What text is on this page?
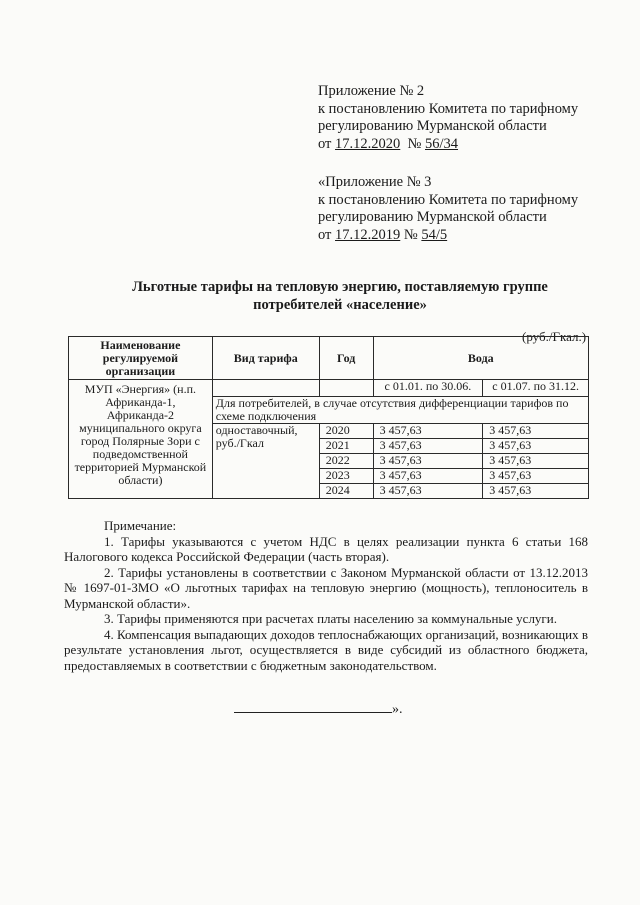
Приложение № 2

к постановлению Комитета по тарифному

регулированию Мурманской области

от 17.12.2020  № 56/34

«Приложение № 3

к постановлению Комитета по тарифному

регулированию Мурманской области

от 17.12.2019 № 54/5

Льготные тарифы на тепловую энергию, поставляемую группе
потребителей «население»
(руб./Гкал.)
Наименование регулируемой организации	Вид тарифа	Год	Вода	
МУП «Энергия» (н.п. Африканда-1, Африканда-2 муниципального округа город Полярные Зори с подведомственной территорией Мурманской области)			с 01.01. по 30.06.	с 01.07. по 31.12.
	Для потребителей, в случае отсутствия дифференциации тарифов по схеме подключения			
	одноставочный, руб./Гкал	2020	3 457,63	3 457,63
		2021	3 457,63	3 457,63
		2022	3 457,63	3 457,63
		2023	3 457,63	3 457,63
		2024	3 457,63	3 457,63

Примечание:

1. Тарифы указываются с учетом НДС в целях реализации пункта 6 статьи 168 Налогового кодекса Российской Федерации (часть вторая).

2. Тарифы установлены в соответствии с Законом Мурманской области от 13.12.2013 № 1697-01-ЗМО «О льготных тарифах на тепловую энергию (мощность), теплоноситель в Мурманской области».

3. Тарифы применяются при расчетах платы населению за коммунальные услуги.

4. Компенсация выпадающих доходов теплоснабжающих организаций, возникающих в результате установления льгот, осуществляется в виде субсидий из областного бюджета, предоставляемых в соответствии с бюджетным законодательством.

».
